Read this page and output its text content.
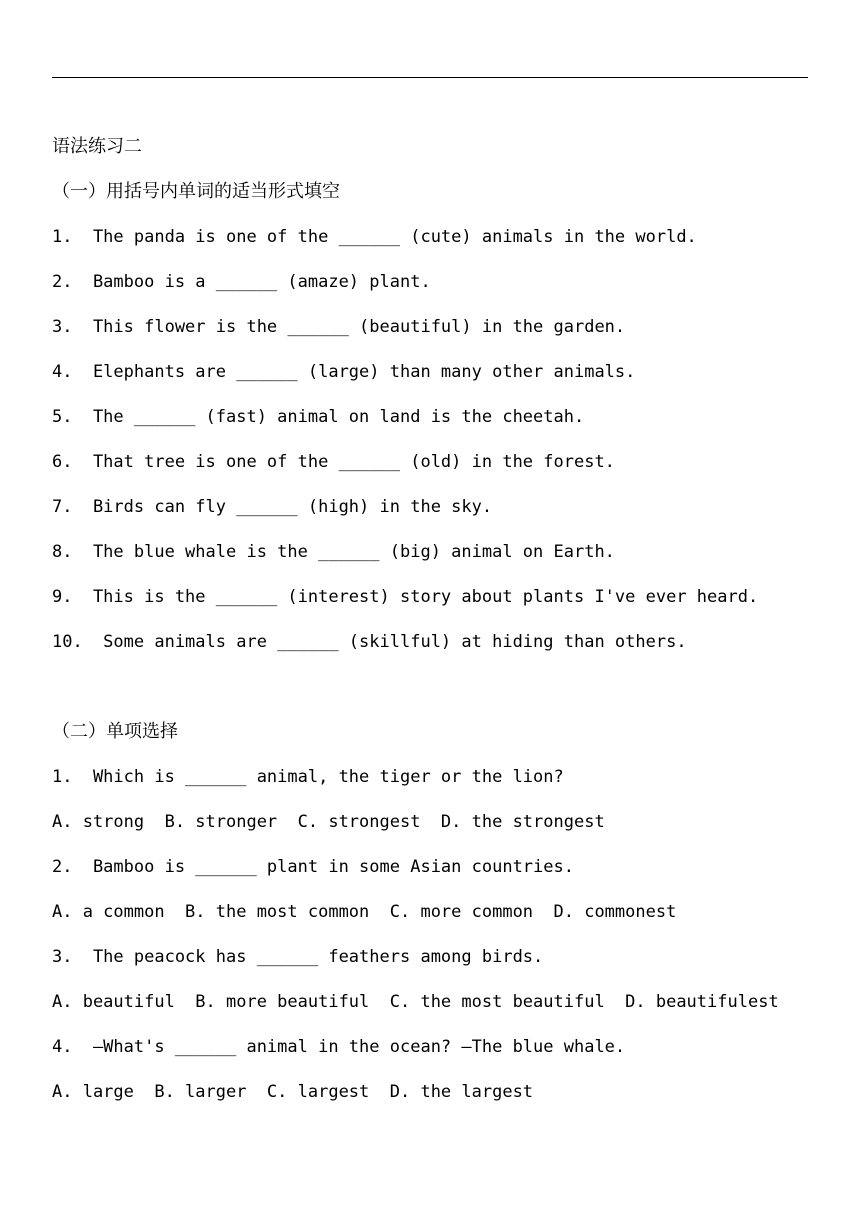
语法练习二
（一）用括号内单词的适当形式填空
1.  The panda is one of the ______ (cute) animals in the world.
2.  Bamboo is a ______ (amaze) plant.
3.  This flower is the ______ (beautiful) in the garden.
4.  Elephants are ______ (large) than many other animals.
5.  The ______ (fast) animal on land is the cheetah.
6.  That tree is one of the ______ (old) in the forest.
7.  Birds can fly ______ (high) in the sky.
8.  The blue whale is the ______ (big) animal on Earth.
9.  This is the ______ (interest) story about plants I've ever heard.
10.  Some animals are ______ (skillful) at hiding than others.
（二）单项选择
1.  Which is ______ animal, the tiger or the lion?
A. strong  B. stronger  C. strongest  D. the strongest
2.  Bamboo is ______ plant in some Asian countries.
A. a common  B. the most common  C. more common  D. commonest
3.  The peacock has ______ feathers among birds.
A. beautiful  B. more beautiful  C. the most beautiful  D. beautifulest
4.  —What's ______ animal in the ocean? —The blue whale.
A. large  B. larger  C. largest  D. the largest
